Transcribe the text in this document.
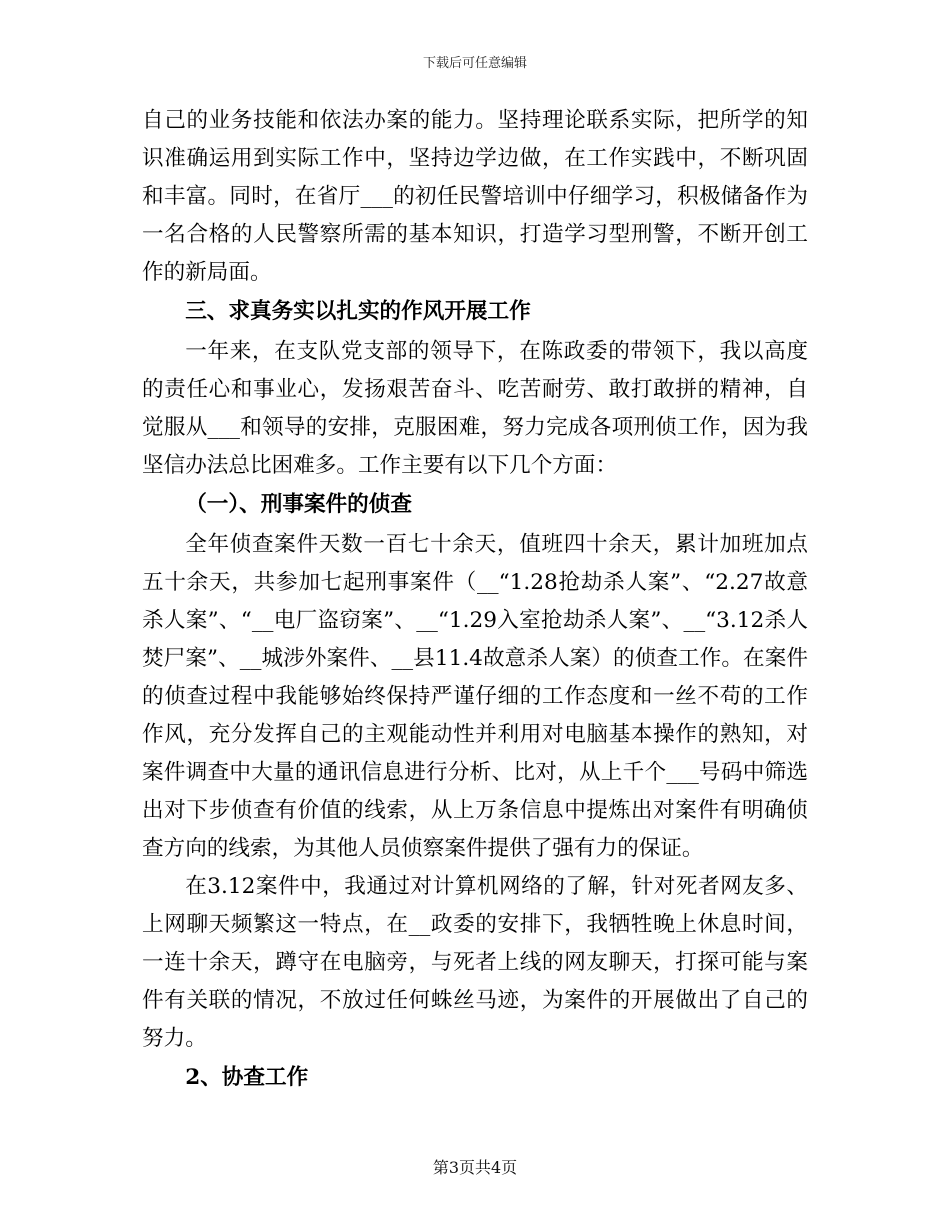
下载后可任意编辑

自己的业务技能和依法办案的能力。坚持理论联系实际，把所学的知识准确运用到实际工作中，坚持边学边做，在工作实践中，不断巩固和丰富。同时，在省厅___的初任民警培训中仔细学习，积极储备作为一名合格的人民警察所需的基本知识，打造学习型刑警，不断开创工作的新局面。

三、求真务实以扎实的作风开展工作

一年来，在支队党支部的领导下，在陈政委的带领下，我以高度的责任心和事业心，发扬艰苦奋斗、吃苦耐劳、敢打敢拼的精神，自觉服从___和领导的安排，克服困难，努力完成各项刑侦工作，因为我坚信办法总比困难多。工作主要有以下几个方面：

（一）、刑事案件的侦查

全年侦查案件天数一百七十余天，值班四十余天，累计加班加点五十余天，共参加七起刑事案件（__“1.28抢劫杀人案”、“2.27故意杀人案”、“__电厂盗窃案”、__“1.29入室抢劫杀人案”、__“3.12杀人焚尸案”、__城涉外案件、__县11.4故意杀人案）的侦查工作。在案件的侦查过程中我能够始终保持严谨仔细的工作态度和一丝不苟的工作作风，充分发挥自己的主观能动性并利用对电脑基本操作的熟知，对案件调查中大量的通讯信息进行分析、比对，从上千个___号码中筛选出对下步侦查有价值的线索，从上万条信息中提炼出对案件有明确侦查方向的线索，为其他人员侦察案件提供了强有力的保证。

在3.12案件中，我通过对计算机网络的了解，针对死者网友多、上网聊天频繁这一特点，在__政委的安排下，我牺牲晚上休息时间，一连十余天，蹲守在电脑旁，与死者上线的网友聊天，打探可能与案件有关联的情况，不放过任何蛛丝马迹，为案件的开展做出了自己的努力。

2、协查工作

第3页共4页
